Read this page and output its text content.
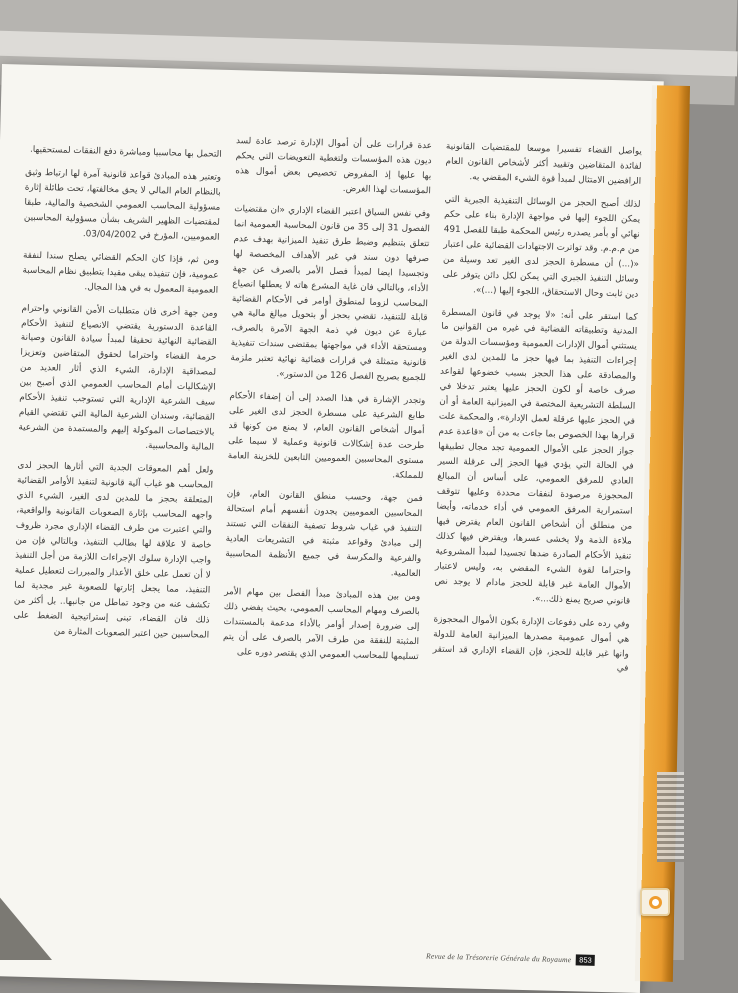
يواصل القضاء تفسيرا موسعا للمقتضيات القانونية لفائدة المتقاضين وتقييد أكثر لأشخاص القانون العام الرافضين الامتثال لمبدأ قوة الشيء المقضي به.

لذلك أصبح الحجز من الوسائل التنفيذية الجبرية التي يمكن اللجوء إليها في مواجهة الإدارة بناء على حكم نهائي أو بأمر يصدره رئيس المحكمة طبقا للفصل 491 من م.م.م. وقد تواترت الاجتهادات القضائية على اعتبار «(...) أن مسطرة الحجز لدى الغير تعد وسيلة من وسائل التنفيذ الجبري التي يمكن لكل دائن يتوفر على دين ثابت وحال الاستحقاق، اللجوء إليها (...)».

كما استقر على أنه: «لا يوجد في قانون المسطرة المدنية وتطبيقاته القضائية في غيره من القوانين ما يستثني أموال الإدارات العمومية ومؤسسات الدولة من إجراءات التنفيذ بما فيها حجز ما للمدين لدى الغير والمصادقة على هذا الحجز بسبب خضوعها لقواعد صرف خاصة أو لكون الحجز عليها يعتبر تدخلا في السلطة التشريعية المختصة في الميزانية العامة أو أن في الحجز عليها عرقلة لعمل الإدارة»، والمحكمة علت قرارها بهذا الخصوص بما جاءت به من أن «قاعدة عدم جواز الحجز على الأموال العمومية تجد مجال تطبيقها في الحالة التي يؤدي فيها الحجز إلى عرقلة السير العادي للمرفق العمومي، على أساس أن المبالغ المحجوزة مرصودة لنفقات محددة وعليها تتوقف استمرارية المرفق العمومي في أداء خدماته، وأيضا من منطلق أن أشخاص القانون العام يفترض فيها ملاءة الذمة ولا يخشى عسرها، ويفترض فيها كذلك تنفيذ الأحكام الصادرة ضدها تجسيدا لمبدأ المشروعية واحتراما لقوة الشيء المقضي به، وليس لاعتبار الأموال العامة غير قابلة للحجز مادام لا يوجد نص قانوني صريح يمنع ذلك...».

وفي رده على دفوعات الإدارة بكون الأموال المحجوزة هي أموال عمومية مصدرها الميزانية العامة للدولة وانها غير قابلة للحجز، فإن القضاء الإداري قد استقر في

عدة قرارات على أن أموال الإدارة ترصد عادة لسد ديون هذه المؤسسات ولتغطية التعويضات التي يحكم بها عليها إذ المفروض تخصيص بعض أموال هذه المؤسسات لهذا الغرض.

وفي نفس السياق اعتبر القضاء الإداري «ان مقتضيات الفصول 31 إلى 35 من قانون المحاسبة العمومية انما تتعلق بتنظيم وضبط طرق تنفيذ الميزانية بهدف عدم صرفها دون سند في غير الأهداف المخصصة لها وتجسيدا ايضا لمبدأ فصل الأمر بالصرف عن جهة الأداء، وبالتالي فان غاية المشرع هاته لا يعطلها انصياع المحاسب لزوما لمنطوق أوامر في الأحكام القضائية قابلة للتنفيذ، تقضي بحجز أو بتحويل مبالغ مالية هي عبارة عن ديون في ذمة الجهة الآمرة بالصرف، ومستحقة الأداء في مواجهتها بمقتضى سندات تنفيذية قانونية متمثلة في قرارات قضائية نهائية تعتبر ملزمة للجميع بصريح الفصل 126 من الدستور».

وتجدر الإشارة في هذا الصدد إلى أن إضفاء الأحكام طابع الشرعية على مسطرة الحجز لدى الغير على أموال أشخاص القانون العام، لا يمنع من كونها قد طرحت عدة إشكالات قانونية وعملية لا سيما على مستوى المحاسبين العموميين التابعين للخزينة العامة للمملكة.

فمن جهة، وحسب منطق القانون العام، فإن المحاسبين العموميين يجدون أنفسهم أمام استحالة التنفيذ في غياب شروط تصفية النفقات التي تستند إلى مبادئ وقواعد مثبتة في التشريعات العادية والفرعية والمكرسة في جميع الأنظمة المحاسبية العالمية.

ومن بين هذه المبادئ مبدأ الفصل بين مهام الأمر بالصرف ومهام المحاسب العمومي، بحيث يفضي ذلك إلى ضرورة إصدار أوامر بالأداء مدعمة بالمستندات المثبتة للنفقة من طرف الآمر بالصرف على أن يتم تسليمها للمحاسب العمومي الذي يقتصر دوره على

التحمل بها محاسبيا ومباشرة دفع النفقات لمستحقيها.

وتعتبر هذه المبادئ قواعد قانونية آمرة لها ارتباط وثيق بالنظام العام المالي لا يحق مخالفتها، تحت طائلة إثارة مسؤولية المحاسب العمومي الشخصية والمالية، طبقا لمقتضيات الظهير الشريف بشأن مسؤولية المحاسبين العموميين، المؤرخ في 03/04/2002.

ومن ثم، فإذا كان الحكم القضائي يصلح سندا لنفقة عمومية، فإن تنفيذه يبقى مقيدا بتطبيق نظام المحاسبة العمومية المعمول به في هذا المجال.

ومن جهة أخرى فان متطلبات الأمن القانوني واحترام القاعدة الدستورية يقتضي الانصياع لتنفيذ الأحكام القضائية النهائية تحقيقا لمبدأ سيادة القانون وصيانة حرمة القضاء واحتراما لحقوق المتقاضين وتعزيزا لمصداقية الإدارة، الشيء الذي أثار العديد من الإشكاليات أمام المحاسب العمومي الذي أصبح بين سيف الشرعية الإدارية التي تستوجب تنفيذ الأحكام القضائية، وسندان الشرعية المالية التي تقتضي القيام بالاختصاصات الموكولة إليهم والمستمدة من الشرعية المالية والمحاسبية.

ولعل أهم المعوقات الجدية التي أثارها الحجز لدى المحاسب هو غياب آلية قانونية لتنفيذ الأوامر القضائية المتعلقة بحجز ما للمدين لدى الغير، الشيء الذي واجهه المحاسب بإثارة الصعوبات القانونية والواقعية، والتي اعتبرت من طرف القضاء الإداري مجرد ظروف خاصة لا علاقة لها بطالب التنفيذ، وبالتالي فإن من واجب الإدارة سلوك الإجراءات اللازمة من أجل التنفيذ لا أن تعمل على خلق الأعذار والمبررات لتعطيل عملية التنفيذ، مما يجعل إثارتها للصعوبة غير مجدية لما تكشف عنه من وجود تماطل من جانبها.. بل أكثر من ذلك فان القضاء، تبنى إستراتيجية الضغط على المحاسبين حين اعتبر الصعوبات المثارة من

Revue de la Trésorerie Générale du Royaume	853
